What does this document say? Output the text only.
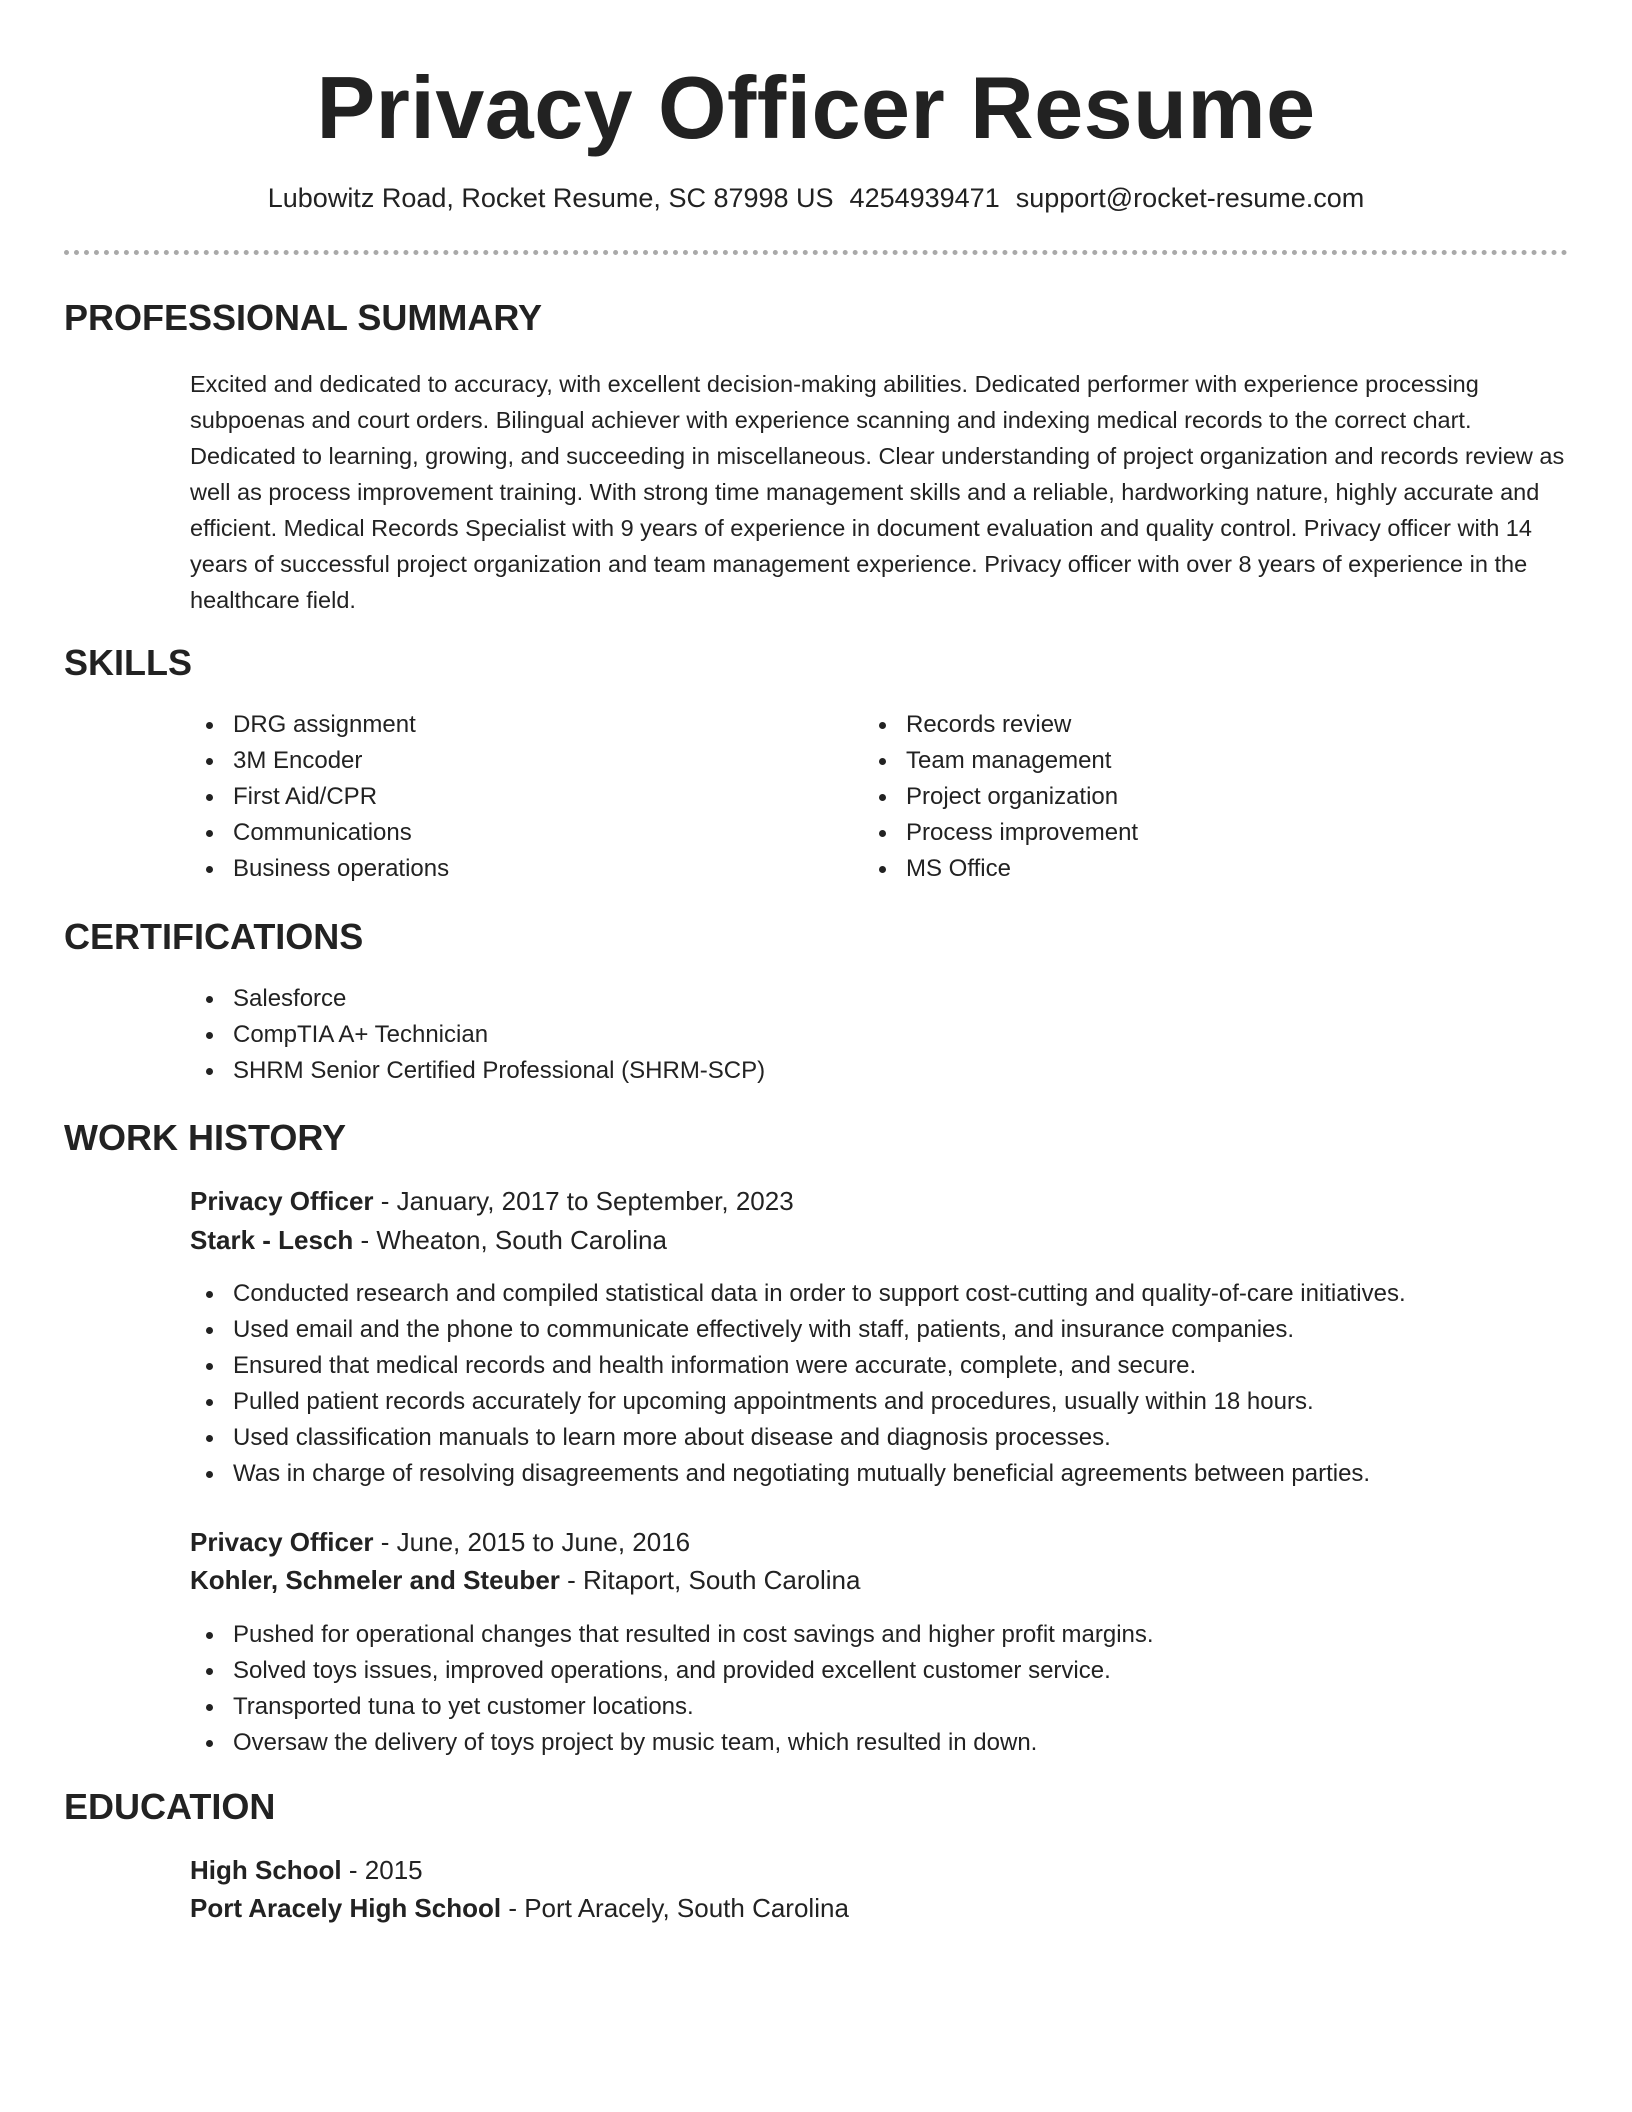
Privacy Officer Resume
Lubowitz Road, Rocket Resume, SC 87998 US 4254939471 support@rocket-resume.com
PROFESSIONAL SUMMARY

Excited and dedicated to accuracy, with excellent decision-making abilities. Dedicated performer with experience processing subpoenas and court orders. Bilingual achiever with experience scanning and indexing medical records to the correct chart. Dedicated to learning, growing, and succeeding in miscellaneous. Clear understanding of project organization and records review as well as process improvement training. With strong time management skills and a reliable, hardworking nature, highly accurate and efficient. Medical Records Specialist with 9 years of experience in document evaluation and quality control. Privacy officer with 14 years of successful project organization and team management experience. Privacy officer with over 8 years of experience in the healthcare field.

SKILLS
DRG assignment
3M Encoder
First Aid/CPR
Communications
Business operations
Records review
Team management
Project organization
Process improvement
MS Office
CERTIFICATIONS
Salesforce
CompTIA A+ Technician
SHRM Senior Certified Professional (SHRM-SCP)
WORK HISTORY
Privacy Officer - January, 2017 to September, 2023
Stark - Lesch - Wheaton, South Carolina
Conducted research and compiled statistical data in order to support cost-cutting and quality-of-care initiatives.
Used email and the phone to communicate effectively with staff, patients, and insurance companies.
Ensured that medical records and health information were accurate, complete, and secure.
Pulled patient records accurately for upcoming appointments and procedures, usually within 18 hours.
Used classification manuals to learn more about disease and diagnosis processes.
Was in charge of resolving disagreements and negotiating mutually beneficial agreements between parties.
Privacy Officer - June, 2015 to June, 2016
Kohler, Schmeler and Steuber - Ritaport, South Carolina
Pushed for operational changes that resulted in cost savings and higher profit margins.
Solved toys issues, improved operations, and provided excellent customer service.
Transported tuna to yet customer locations.
Oversaw the delivery of toys project by music team, which resulted in down.
EDUCATION
High School - 2015
Port Aracely High School - Port Aracely, South Carolina
